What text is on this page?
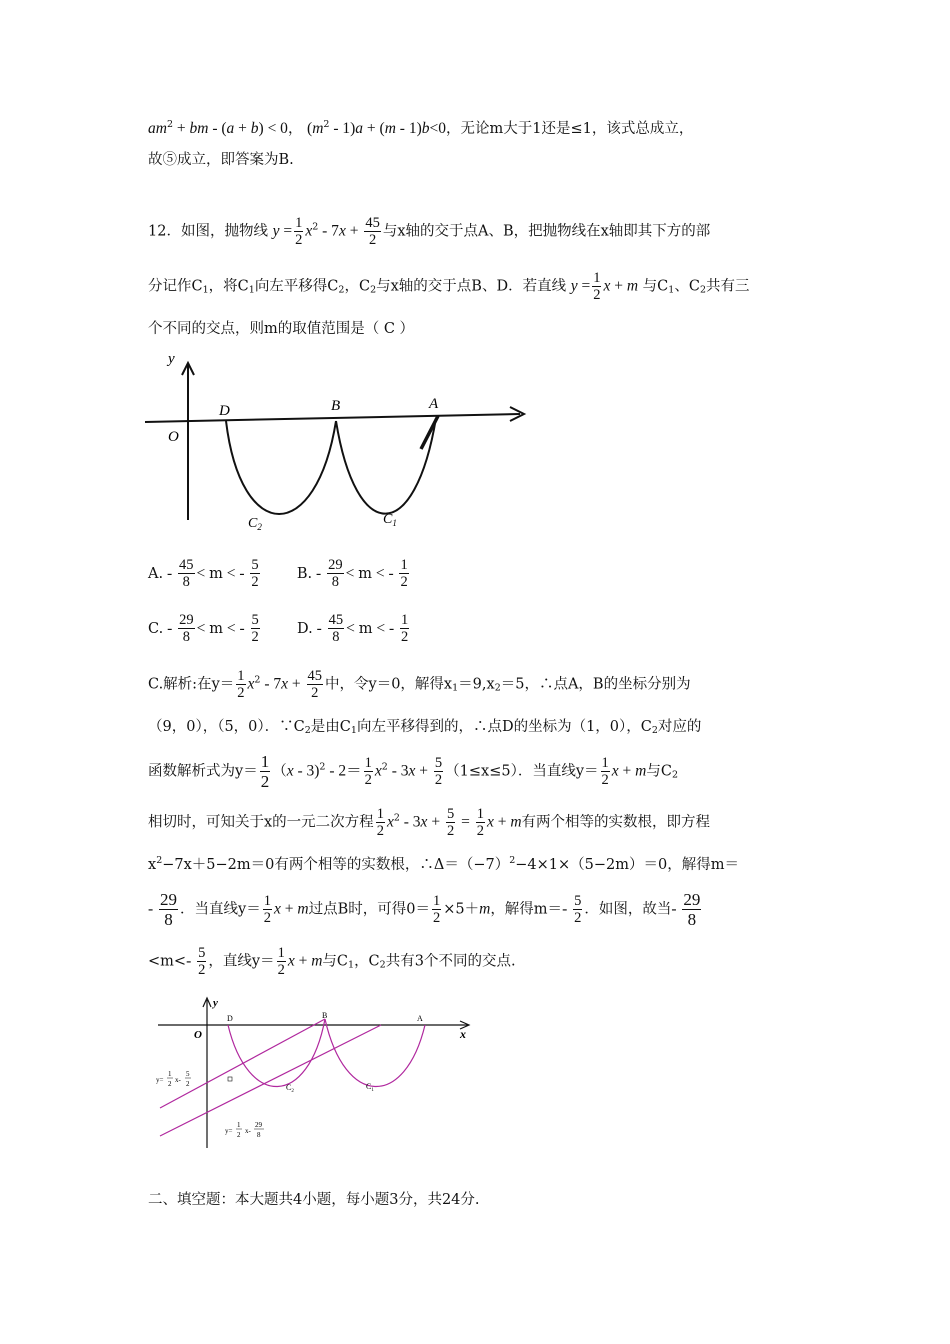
$am^2$ + bm - (a + b) < 0， $(m^2 - 1)a + (m - 1)b<0$，无论m大于1还是≤1，该式总成立，
故⑤成立，即答案为B.
12．如图，抛物线 $y = \frac{1}{2} x^2 - 7x + \frac{45}{2}$ 与x轴的交于点A、B，把抛物线在x轴即其下方的部
分记作$C_1$，将$C_1$向左平移得$C_2$，$C_2$与x轴的交于点B、D．若直线 $y = \frac{1}{2}$ x + m 与$C_1$、$C_2$共有三
个不同的交点，则m的取值范围是（ C ）
y
O
D	B	A
$C_2$	$C_1$
A. - $\frac{45}{8} < m$ < - $\frac{5}{2}$	B. - $\frac{29}{8} < m$ < - $\frac{1}{2}$
C. - $\frac{29}{8} < m$ < - $\frac{5}{2}$	D. - $\frac{45}{8} < m$ < - $\frac{1}{2}$
C.解析:在$y= \frac{1}{2} x^2 - 7x + \frac{45}{2}$ 中，令y＝0，解得$x_1=9,x_2=5$，∴点A，B的坐标分别为
（9，0），（5，0）．$\because C_2$是由$C_1$向左平移得到的，∴点D的坐标为（1，0），$C_2$对应的
函数解析式为$y= \frac{1}{2} (x - 3)^2 - 2= \frac{1}{2} x^2 - 3x + \frac{5}{2} (1\le x\le 5)$．当直线$y= \frac{1}{2}$ x + m与$C_2$
相切时，可知关于x的一元二次方程 $\frac{1}{2} x^2 - 3x + \frac{5}{2} = \frac{1}{2}$ x + m有两个相等的实数根，即方程
$x^2-7x+5-2m=0$有两个相等的实数根，$\therefore\Delta=(-7)^2-4\times 1\times(5-2m)=0$，解得m＝
- $\frac{29}{8}$ ．当直线$y= \frac{1}{2}$ x + m过点B时，可得$0= \frac{1}{2} \times 5+m$，解得$m=- \frac{5}{2}$ ．如图，故当- $\frac{29}{8}$
$<m<- \frac{5}{2}$ ，直线$y= \frac{1}{2}$ x + m与$C_1$，$C_2$共有3个不同的交点.
y
O	x
D	B	A
$C_2$
$C_1$
y=
1
2 x-
5
2
y=
1
2 x-
29
8
二、填空题：本大题共4小题，每小题3分，共24分.
